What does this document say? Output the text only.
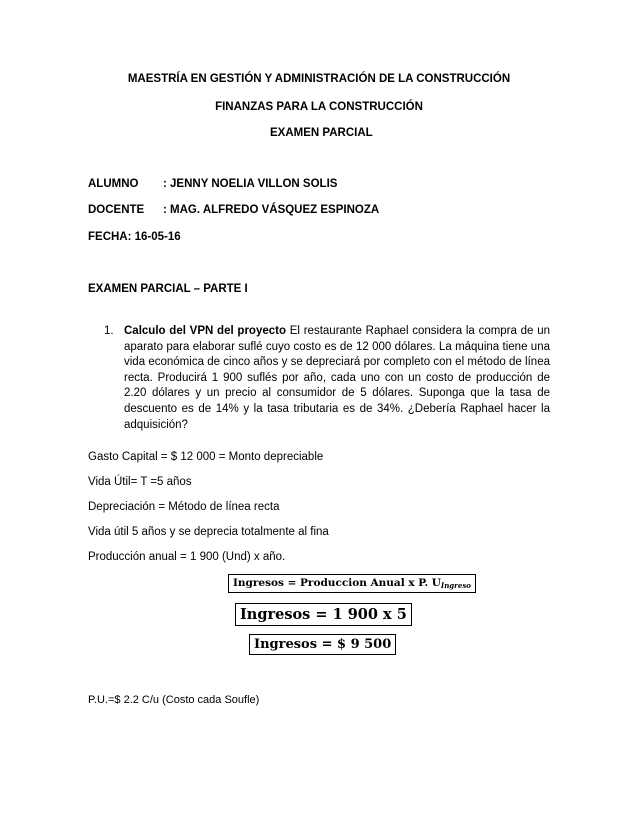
MAESTRÍA EN GESTIÓN Y ADMINISTRACIÓN DE LA CONSTRUCCIÓN
FINANZAS PARA LA CONSTRUCCIÓN
EXAMEN PARCIAL
ALUMNO : JENNY NOELIA VILLON SOLIS
DOCENTE : MAG. ALFREDO VÁSQUEZ ESPINOZA
FECHA: 16-05-16
EXAMEN PARCIAL – PARTE I
1. Calculo del VPN del proyecto El restaurante Raphael considera la compra de un aparato para elaborar suflé cuyo costo es de 12 000 dólares. La máquina tiene una vida económica de cinco años y se depreciará por completo con el método de línea recta. Producirá 1 900 suflés por año, cada uno con un costo de producción de 2.20 dólares y un precio al consumidor de 5 dólares. Suponga que la tasa de descuento es de 14% y la tasa tributaria es de 34%. ¿Debería Raphael hacer la adquisición?
Gasto Capital = $ 12 000 = Monto depreciable
Vida Útil= T =5 años
Depreciación = Método de línea recta
Vida útil 5 años y se deprecia totalmente al fina
Producción anual = 1 900 (Und) x año.
Ingresos = Produccion Anual x P. $U_{Ingreso}$
Ingresos = 1 900 x 5
Ingresos = $ 9 500
P.U.=$ 2.2 C/u (Costo cada Soufle)
